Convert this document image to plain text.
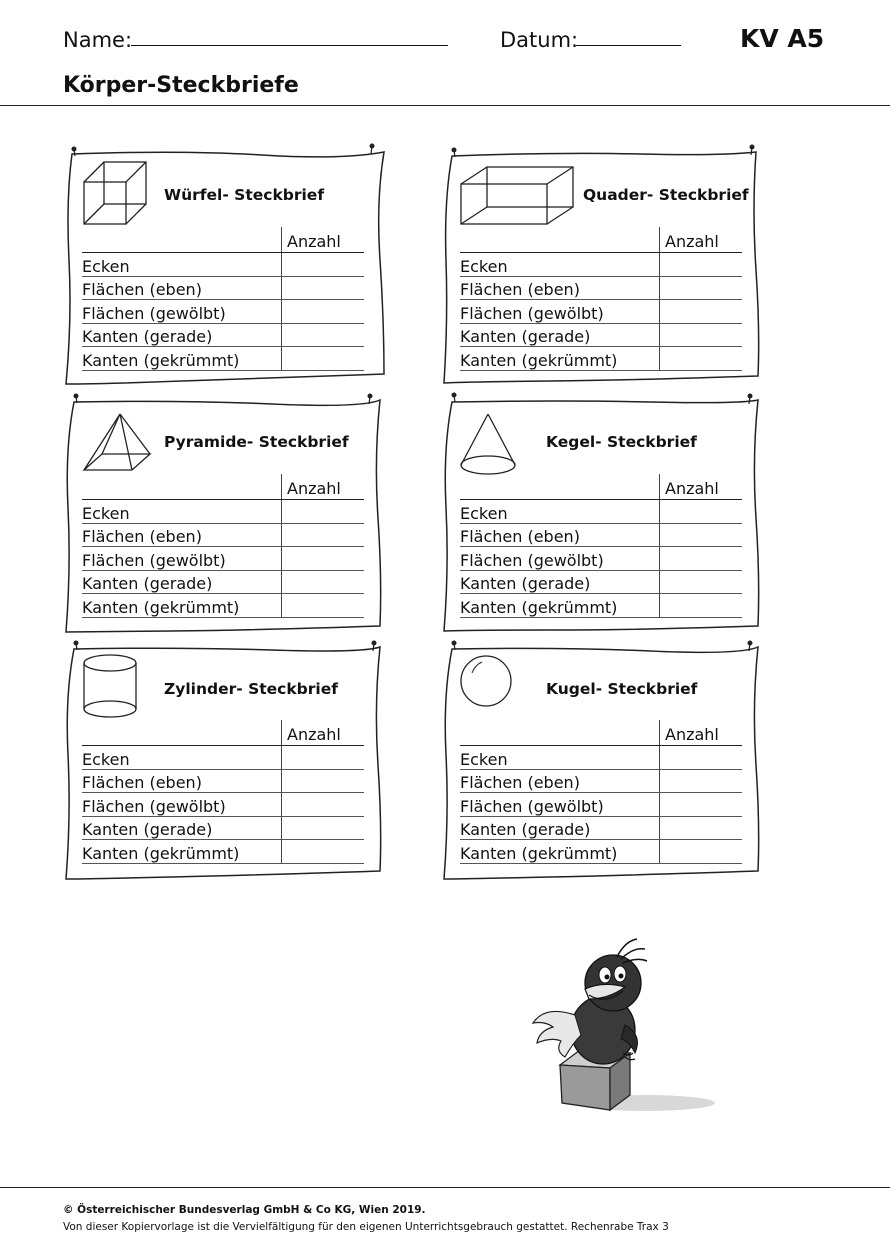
Name:	Datum:	KV A5
Körper-Steckbriefe
Würfel- Steckbrief
Anzahl
Ecken
Flächen (eben)
Flächen (gewölbt)
Kanten (gerade)
Kanten (gekrümmt)
Quader- Steckbrief
Anzahl
Ecken
Flächen (eben)
Flächen (gewölbt)
Kanten (gerade)
Kanten (gekrümmt)
Pyramide- Steckbrief
Anzahl
Ecken
Flächen (eben)
Flächen (gewölbt)
Kanten (gerade)
Kanten (gekrümmt)
Kegel- Steckbrief
Anzahl
Ecken
Flächen (eben)
Flächen (gewölbt)
Kanten (gerade)
Kanten (gekrümmt)
Zylinder- Steckbrief
Anzahl
Ecken
Flächen (eben)
Flächen (gewölbt)
Kanten (gerade)
Kanten (gekrümmt)
Kugel- Steckbrief
Anzahl
Ecken
Flächen (eben)
Flächen (gewölbt)
Kanten (gerade)
Kanten (gekrümmt)
© Österreichischer Bundesverlag GmbH & Co KG, Wien 2019.
Von dieser Kopiervorlage ist die Vervielfältigung für den eigenen Unterrichtsgebrauch gestattet. Rechenrabe Trax 3
